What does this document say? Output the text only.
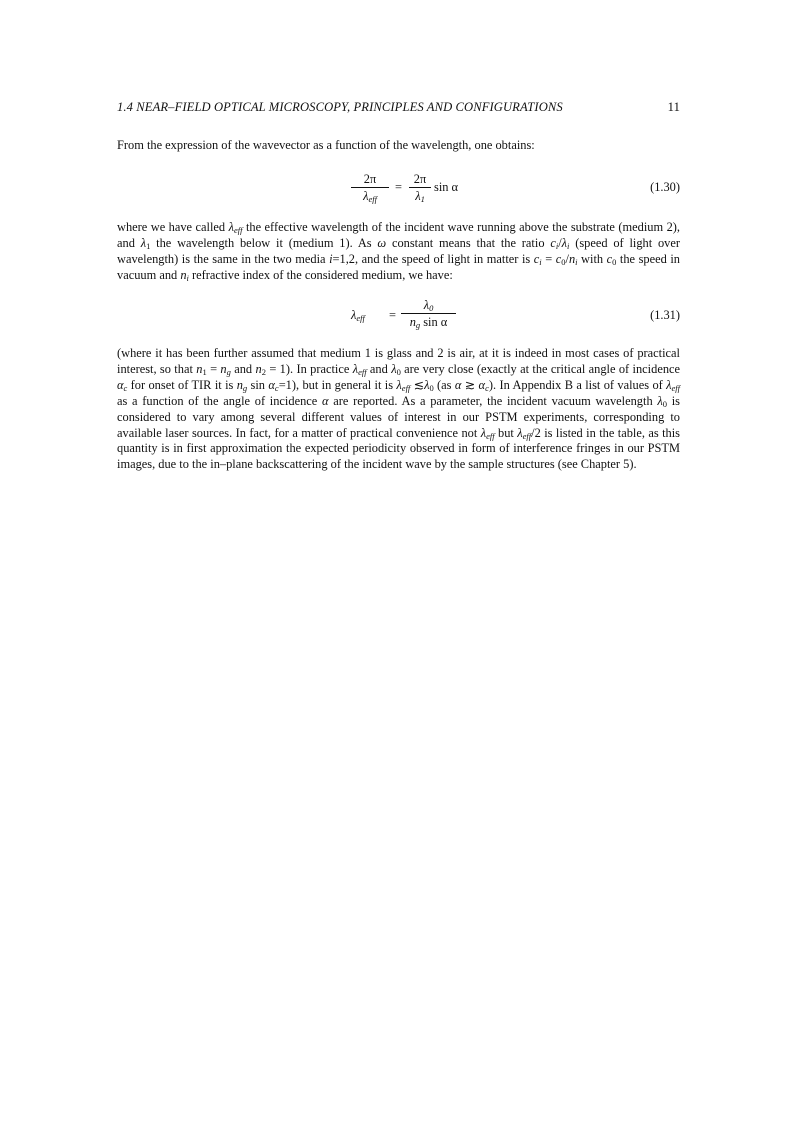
1.4 NEAR–FIELD OPTICAL MICROSCOPY, PRINCIPLES AND CONFIGURATIONS	11
From the expression of the wavevector as a function of the wavelength, one obtains:
2π
$\lambda_{eff}$
=
2π
$\lambda_1$
sin α	(1.30)
where we have called $\lambda_{eff}$ the effective wavelength of the incident wave running above the substrate (medium 2), and $\lambda_1$ the wavelength below it (medium 1). As ω constant means that the ratio $c_i/\lambda_i$ (speed of light over wavelength) is the same in the two media i=1,2, and the speed of light in matter is $c_i = c_0/n_i$ with $c_0$ the speed in vacuum and $n_i$ refractive index of the considered medium, we have:
$\lambda_{eff}$ =
$\lambda_0$
$n_g$ sin α	(1.31)
(where it has been further assumed that medium 1 is glass and 2 is air, at it is indeed in most cases of practical interest, so that $n_1 = n_g$ and $n_2 = 1$). In practice $\lambda_{eff}$ and $\lambda_0$ are very close (exactly at the critical angle of incidence $\alpha_c$ for onset of TIR it is $n_g$ $\sin \alpha_c=1$), but in general it is $\lambda_{eff}$ $≲\lambda_0$ (as α ≳ $\alpha_c$). In Appendix B a list of values of $\lambda_{eff}$ as a function of the angle of incidence α are reported. As a parameter, the incident vacuum wavelength $\lambda_0$ is considered to vary among several different values of interest in our PSTM experiments, corresponding to available laser sources. In fact, for a matter of practical convenience not $\lambda_{eff}$ but $\lambda_{eff}/2$ is listed in the table, as this quantity is in first approximation the expected periodicity observed in form of interference fringes in our PSTM images, due to the in–plane backscattering of the incident wave by the sample structures (see Chapter 5).
